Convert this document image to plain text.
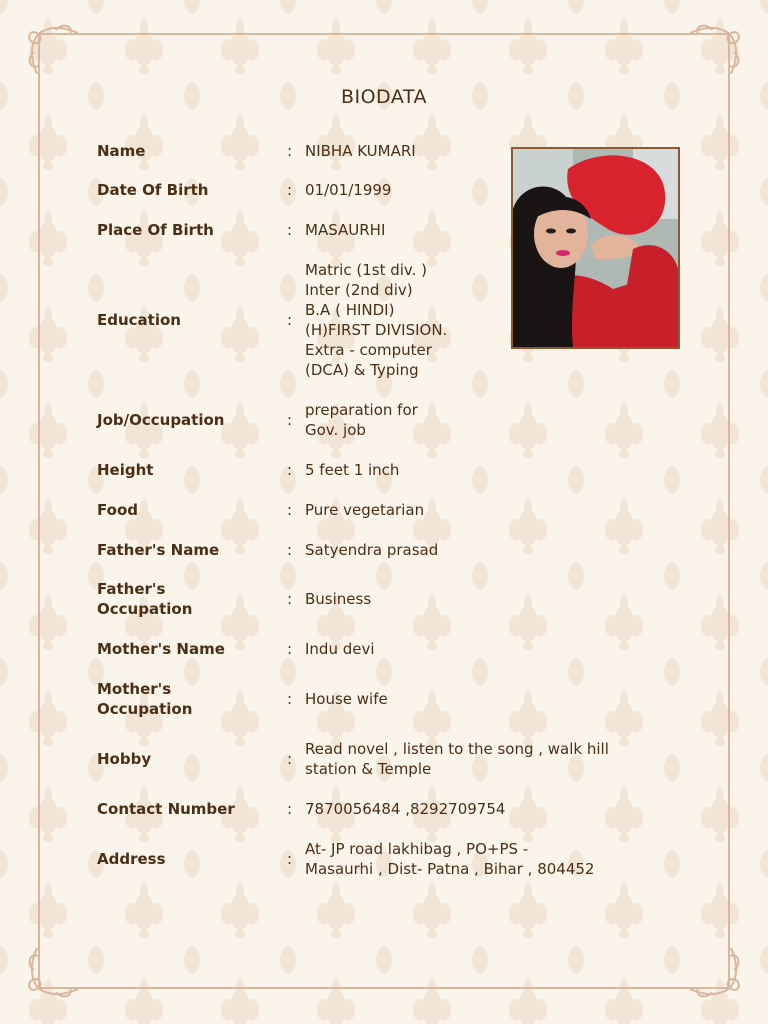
BIODATA
Name	: NIBHA KUMARI
Date Of Birth	: 01/01/1999
Place Of Birth	: MASAURHI
Education	:
Matric (1st div. )
Inter (2nd div)
B.A ( HINDI)
(H)FIRST DIVISION.
Extra - computer
(DCA) & Typing
Job/Occupation	:
preparation for
Gov. job
Height	: 5 feet 1 inch
Food	: Pure vegetarian
Father's Name	: Satyendra prasad
Father's
Occupation
: Business
Mother's Name	: Indu devi
Mother's
Occupation
: House wife
Hobby	:
Read novel , listen to the song , walk hill
station & Temple
Contact Number	: 7870056484 ,8292709754
Address	:
At- JP road lakhibag , PO+PS -
Masaurhi , Dist- Patna , Bihar , 804452
